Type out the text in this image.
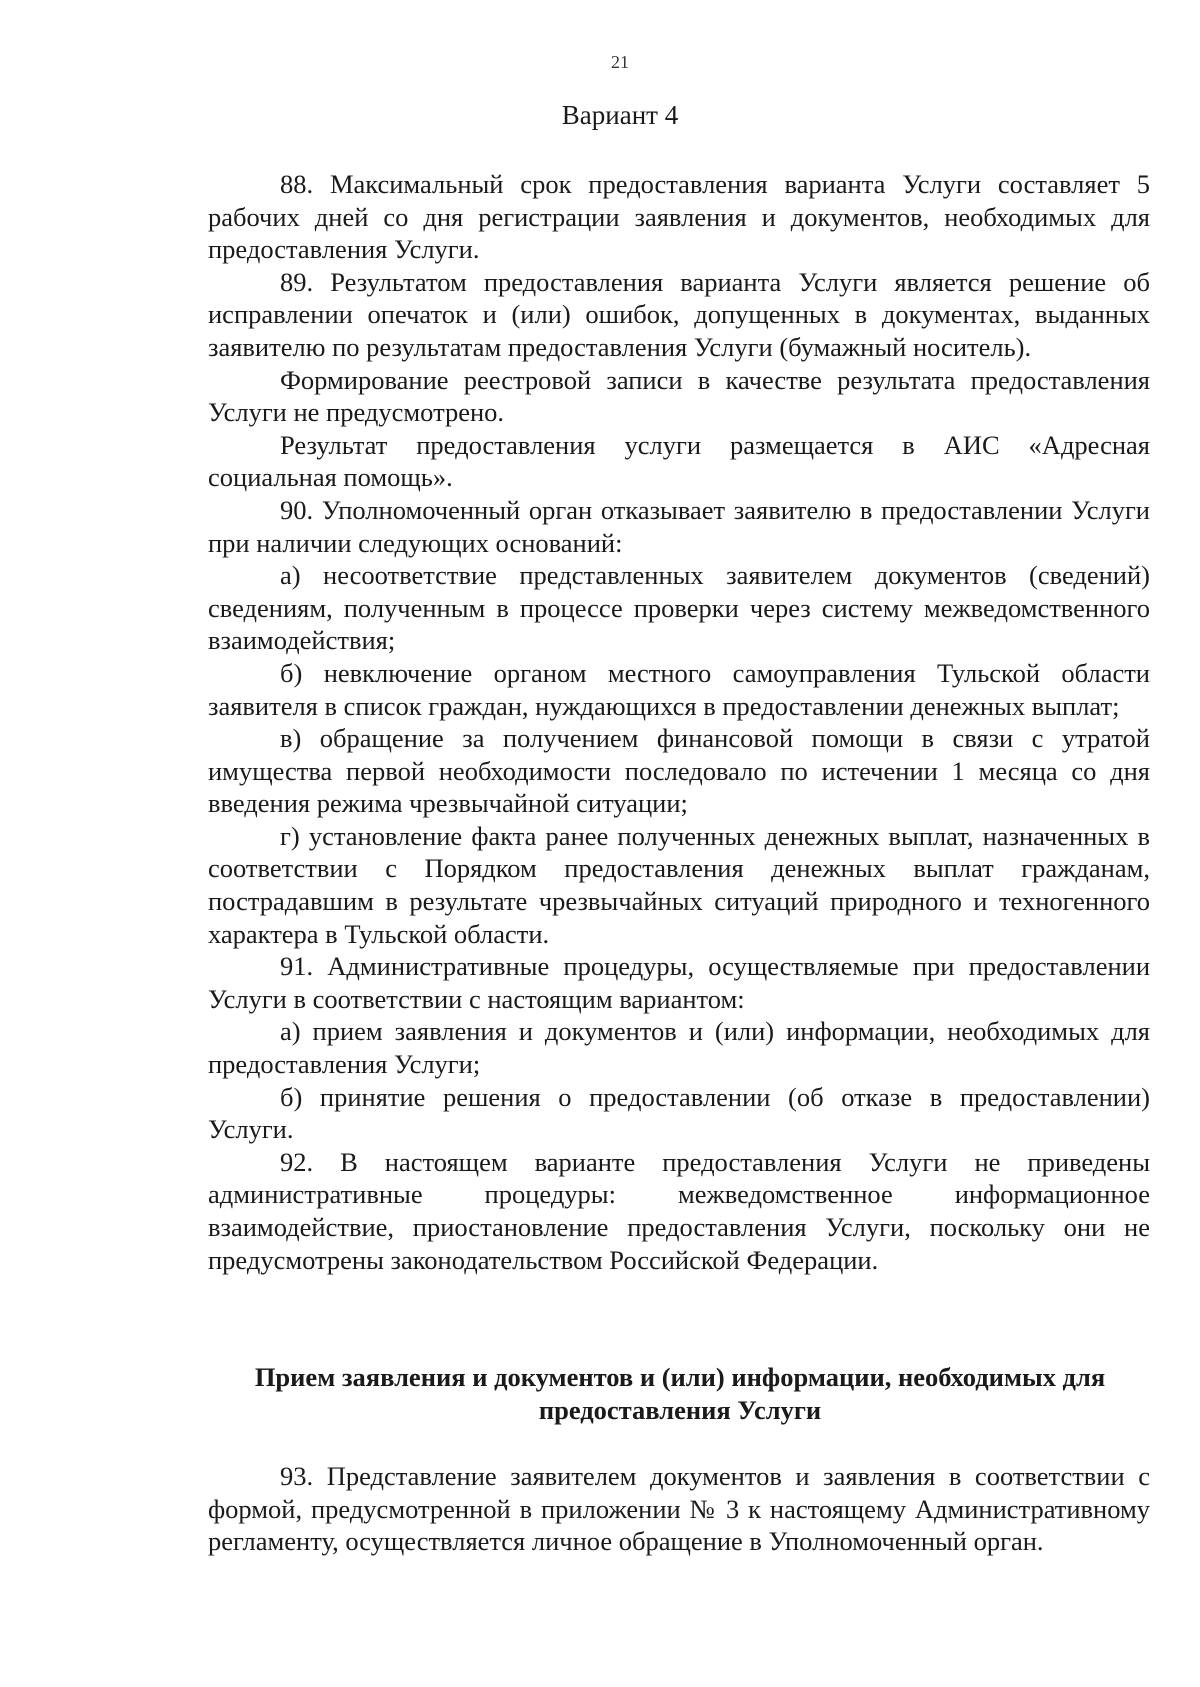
21
Вариант 4

88. Максимальный срок предоставления варианта Услуги составляет 5 рабочих дней со дня регистрации заявления и документов, необходимых для предоставления Услуги.

89. Результатом предоставления варианта Услуги является решение об исправлении опечаток и (или) ошибок, допущенных в документах, выданных заявителю по результатам предоставления Услуги (бумажный носитель).

Формирование реестровой записи в качестве результата предоставления Услуги не предусмотрено.

Результат предоставления услуги размещается в АИС «Адресная социальная помощь».

90. Уполномоченный орган отказывает заявителю в предоставлении Услуги при наличии следующих оснований:

а) несоответствие представленных заявителем документов (сведений) сведениям, полученным в процессе проверки через систему межведомственного взаимодействия;

б) невключение органом местного самоуправления Тульской области заявителя в список граждан, нуждающихся в предоставлении денежных выплат;

в) обращение за получением финансовой помощи в связи с утратой имущества первой необходимости последовало по истечении 1 месяца со дня введения режима чрезвычайной ситуации;

г) установление факта ранее полученных денежных выплат, назначенных в соответствии с Порядком предоставления денежных выплат гражданам, пострадавшим в результате чрезвычайных ситуаций природного и техногенного характера в Тульской области.

91. Административные процедуры, осуществляемые при предоставлении Услуги в соответствии с настоящим вариантом:

а) прием заявления и документов и (или) информации, необходимых для предоставления Услуги;

б) принятие решения о предоставлении (об отказе в предоставлении) Услуги.

92. В настоящем варианте предоставления Услуги не приведены административные процедуры: межведомственное информационное взаимодействие, приостановление предоставления Услуги, поскольку они не предусмотрены законодательством Российской Федерации.

Прием заявления и документов и (или) информации, необходимых для предоставления Услуги

93. Представление заявителем документов и заявления в соответствии с формой, предусмотренной в приложении № 3 к настоящему Административному регламенту, осуществляется личное обращение в Уполномоченный орган.
